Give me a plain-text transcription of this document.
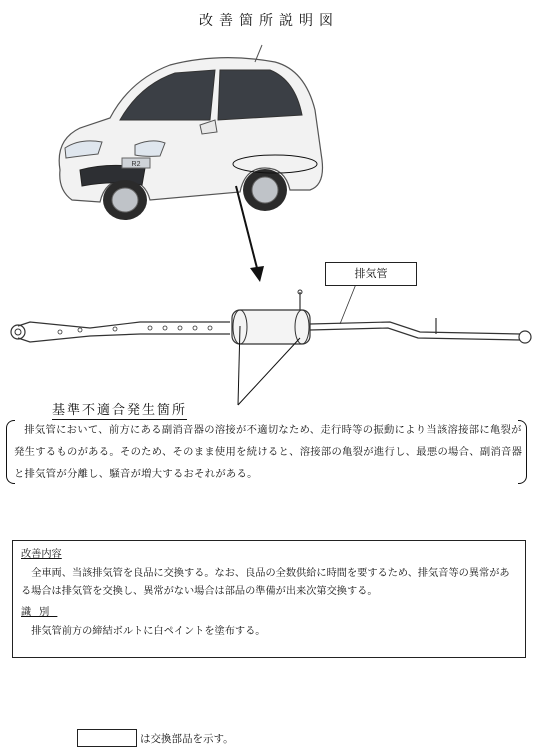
改善箇所説明図
R2
排気管
基準不適合発生箇所

排気管において、前方にある副消音器の溶接が不適切なため、走行時等の振動により当該溶接部に亀裂が発生するものがある。そのため、そのまま使用を続けると、溶接部の亀裂が進行し、最悪の場合、副消音器と排気管が分離し、騒音が増大するおそれがある。

改善内容

全車両、当該排気管を良品に交換する。なお、良品の全数供給に時間を要するため、排気音等の異常がある場合は排気管を交換し、異常がない場合は部品の準備が出来次第交換する。

識別

排気管前方の締結ボルトに白ペイントを塗布する。

は交換部品を示す。
